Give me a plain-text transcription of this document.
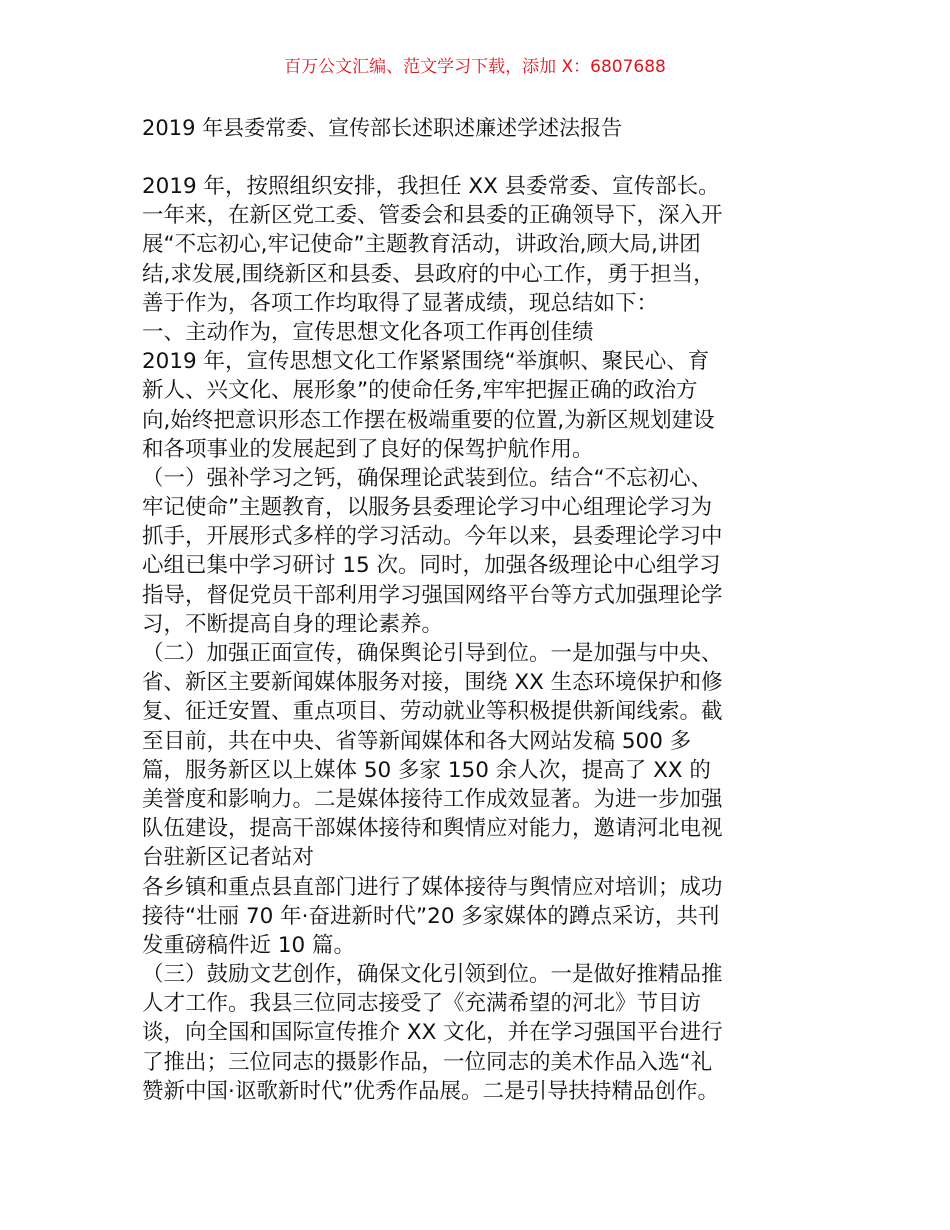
百万公文汇编、范文学习下载，添加 X：6807688
2019 年县委常委、宣传部长述职述廉述学述法报告
2019 年，按照组织安排，我担任 XX 县委常委、宣传部长。
一年来，在新区党工委、管委会和县委的正确领导下，深入开
展“不忘初心,牢记使命”主题教育活动，讲政治,顾大局,讲团
结,求发展,围绕新区和县委、县政府的中心工作，勇于担当，
善于作为，各项工作均取得了显著成绩，现总结如下：
一、主动作为，宣传思想文化各项工作再创佳绩
2019 年，宣传思想文化工作紧紧围绕“举旗帜、聚民心、育
新人、兴文化、展形象”的使命任务,牢牢把握正确的政治方
向,始终把意识形态工作摆在极端重要的位置,为新区规划建设
和各项事业的发展起到了良好的保驾护航作用。
（一）强补学习之钙，确保理论武装到位。结合“不忘初心、
牢记使命”主题教育，以服务县委理论学习中心组理论学习为
抓手，开展形式多样的学习活动。今年以来，县委理论学习中
心组已集中学习研讨 15 次。同时，加强各级理论中心组学习
指导，督促党员干部利用学习强国网络平台等方式加强理论学
习，不断提高自身的理论素养。
（二）加强正面宣传，确保舆论引导到位。一是加强与中央、
省、新区主要新闻媒体服务对接，围绕 XX 生态环境保护和修
复、征迁安置、重点项目、劳动就业等积极提供新闻线索。截
至目前，共在中央、省等新闻媒体和各大网站发稿 500 多
篇，服务新区以上媒体 50 多家 150 余人次，提高了 XX 的
美誉度和影响力。二是媒体接待工作成效显著。为进一步加强
队伍建设，提高干部媒体接待和舆情应对能力，邀请河北电视
台驻新区记者站对
各乡镇和重点县直部门进行了媒体接待与舆情应对培训；成功
接待“壮丽 70 年·奋进新时代”20 多家媒体的蹲点采访，共刊
发重磅稿件近 10 篇。
（三）鼓励文艺创作，确保文化引领到位。一是做好推精品推
人才工作。我县三位同志接受了《充满希望的河北》节目访
谈，向全国和国际宣传推介 XX 文化，并在学习强国平台进行
了推出；三位同志的摄影作品，一位同志的美术作品入选“礼
赞新中国·讴歌新时代”优秀作品展。二是引导扶持精品创作。
